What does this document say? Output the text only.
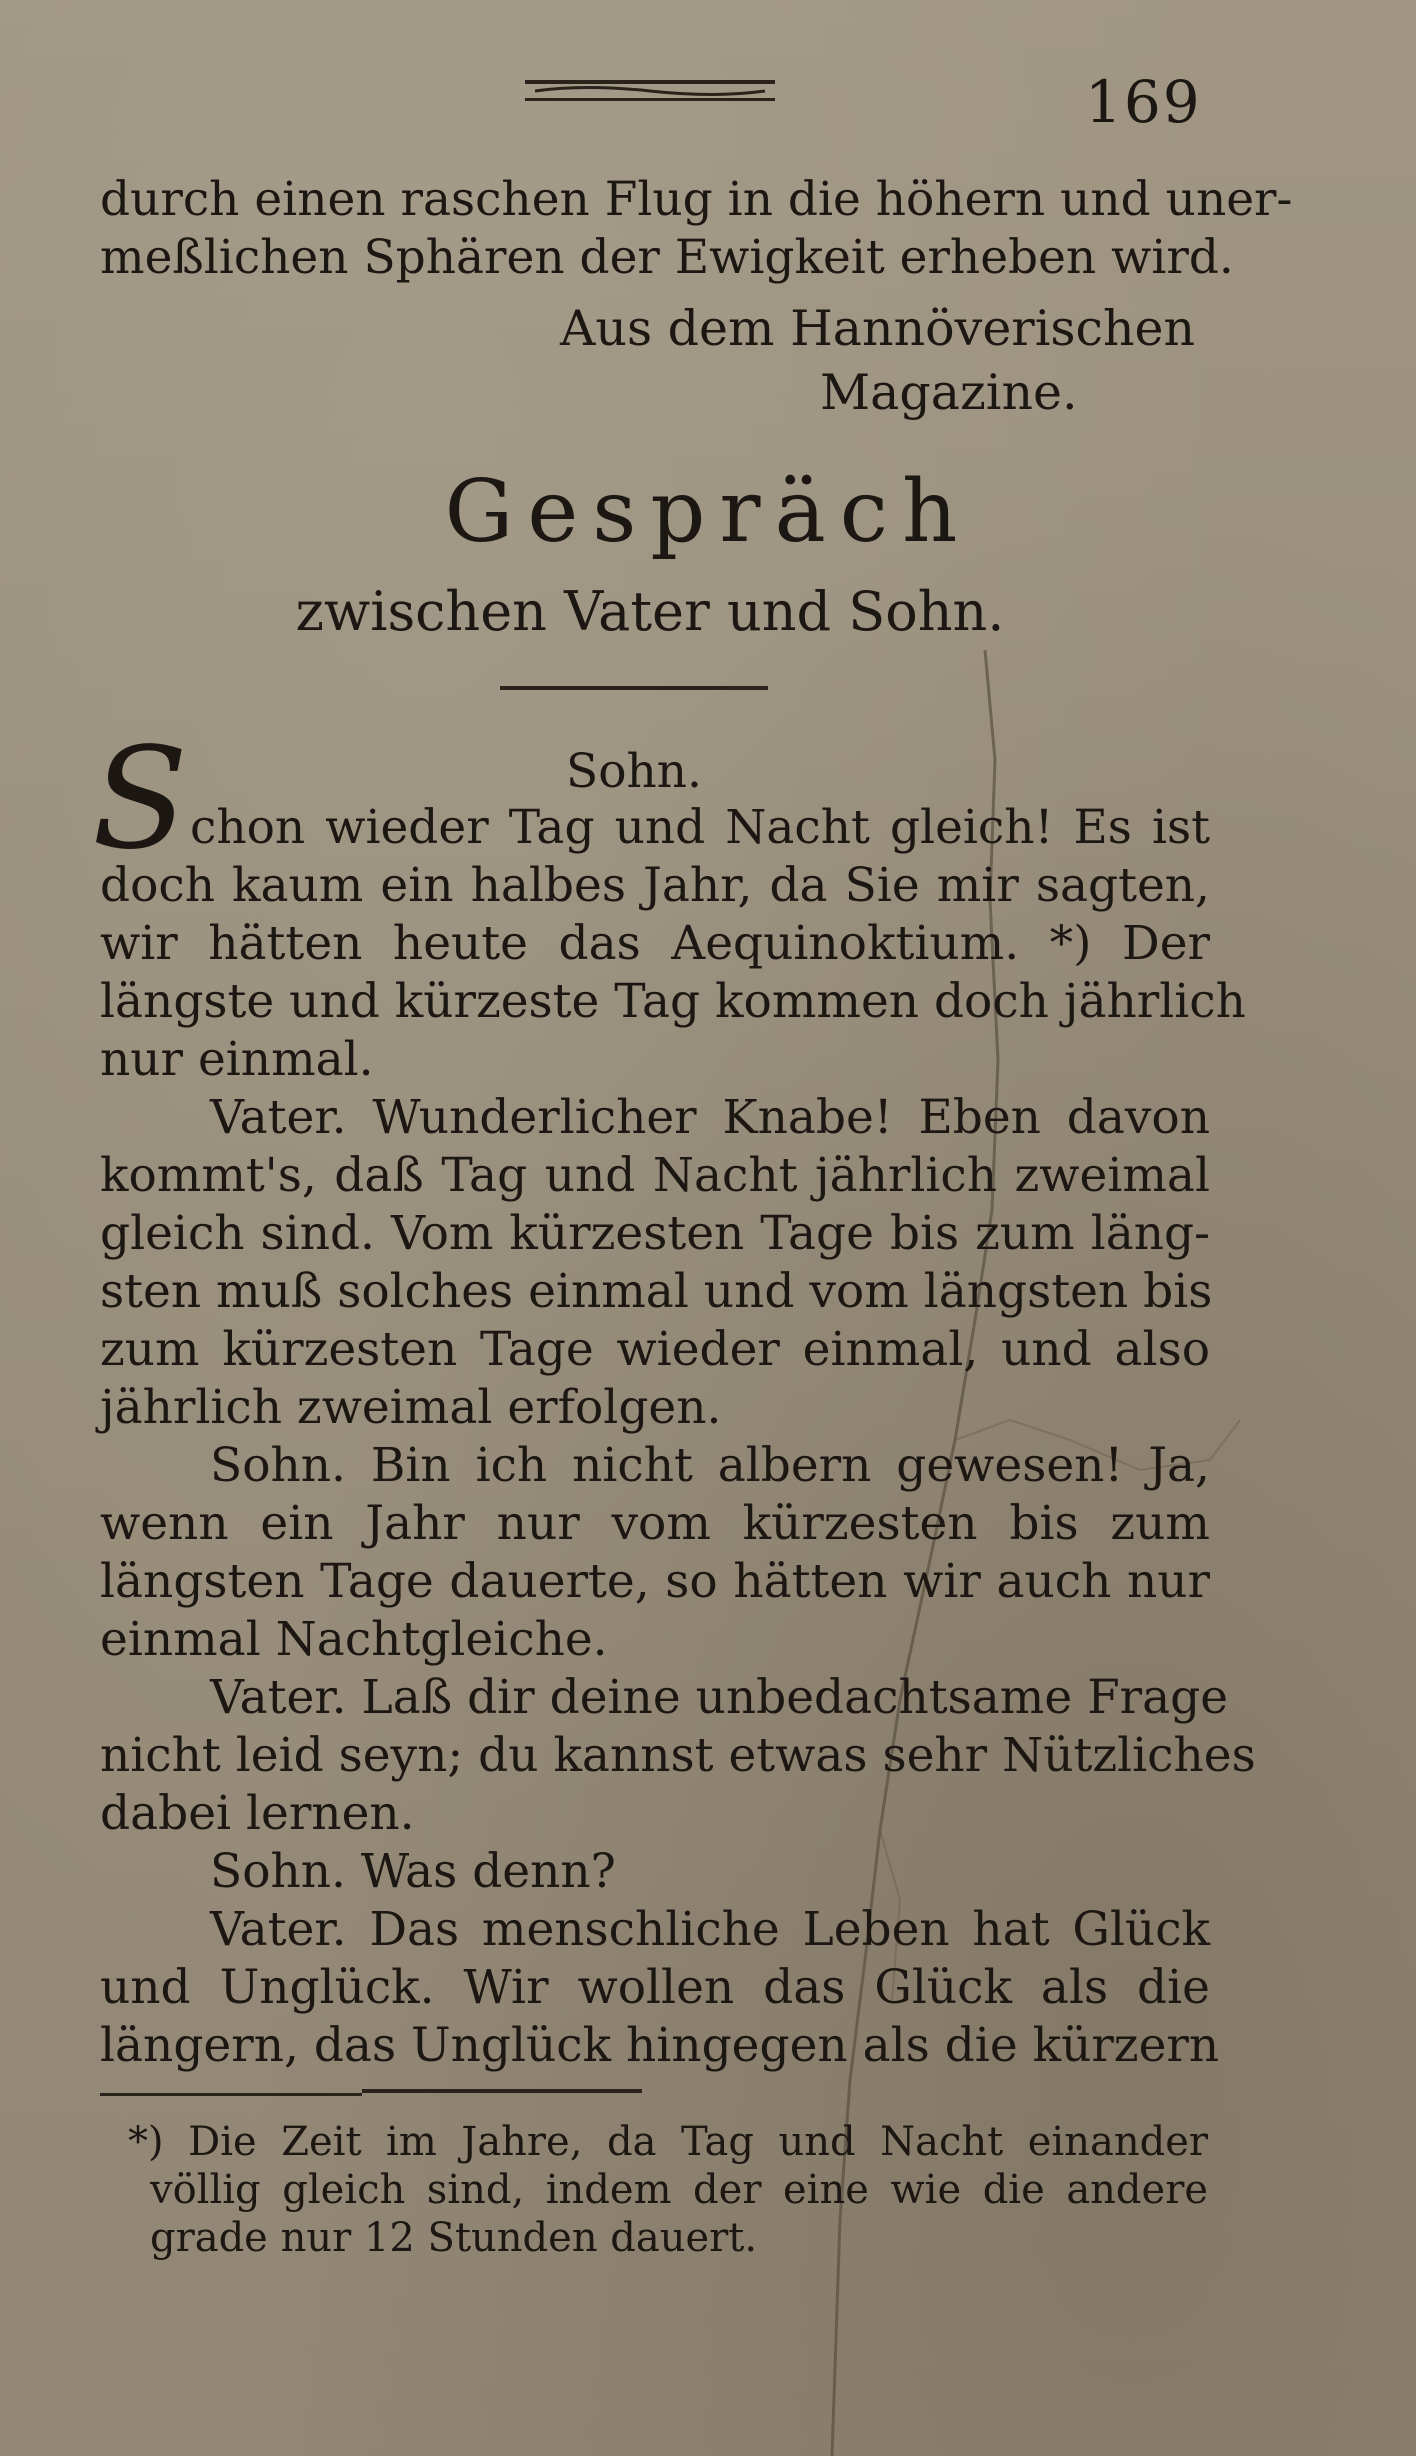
169
durch einen raschen Flug in die höhern und uner-
meßlichen Sphären der Ewigkeit erheben wird.
Aus dem Hannöverischen
Magazine.
Gespräch
zwischen Vater und Sohn.
Sohn.
S chon wieder Tag und Nacht gleich! Es ist
doch kaum ein halbes Jahr, da Sie mir sagten,
wir hätten heute das Aequinoktium. *) Der
längste und kürzeste Tag kommen doch jährlich
nur einmal.
Vater. Wunderlicher Knabe! Eben davon
kommt's, daß Tag und Nacht jährlich zweimal
gleich sind. Vom kürzesten Tage bis zum läng-
sten muß solches einmal und vom längsten bis
zum kürzesten Tage wieder einmal, und also
jährlich zweimal erfolgen.
Sohn. Bin ich nicht albern gewesen! Ja,
wenn ein Jahr nur vom kürzesten bis zum
längsten Tage dauerte, so hätten wir auch nur
einmal Nachtgleiche.
Vater. Laß dir deine unbedachtsame Frage
nicht leid seyn; du kannst etwas sehr Nützliches
dabei lernen.
Sohn. Was denn?
Vater. Das menschliche Leben hat Glück
und Unglück. Wir wollen das Glück als die
längern, das Unglück hingegen als die kürzern
*) Die Zeit im Jahre, da Tag und Nacht einander
völlig gleich sind, indem der eine wie die andere
grade nur 12 Stunden dauert.
